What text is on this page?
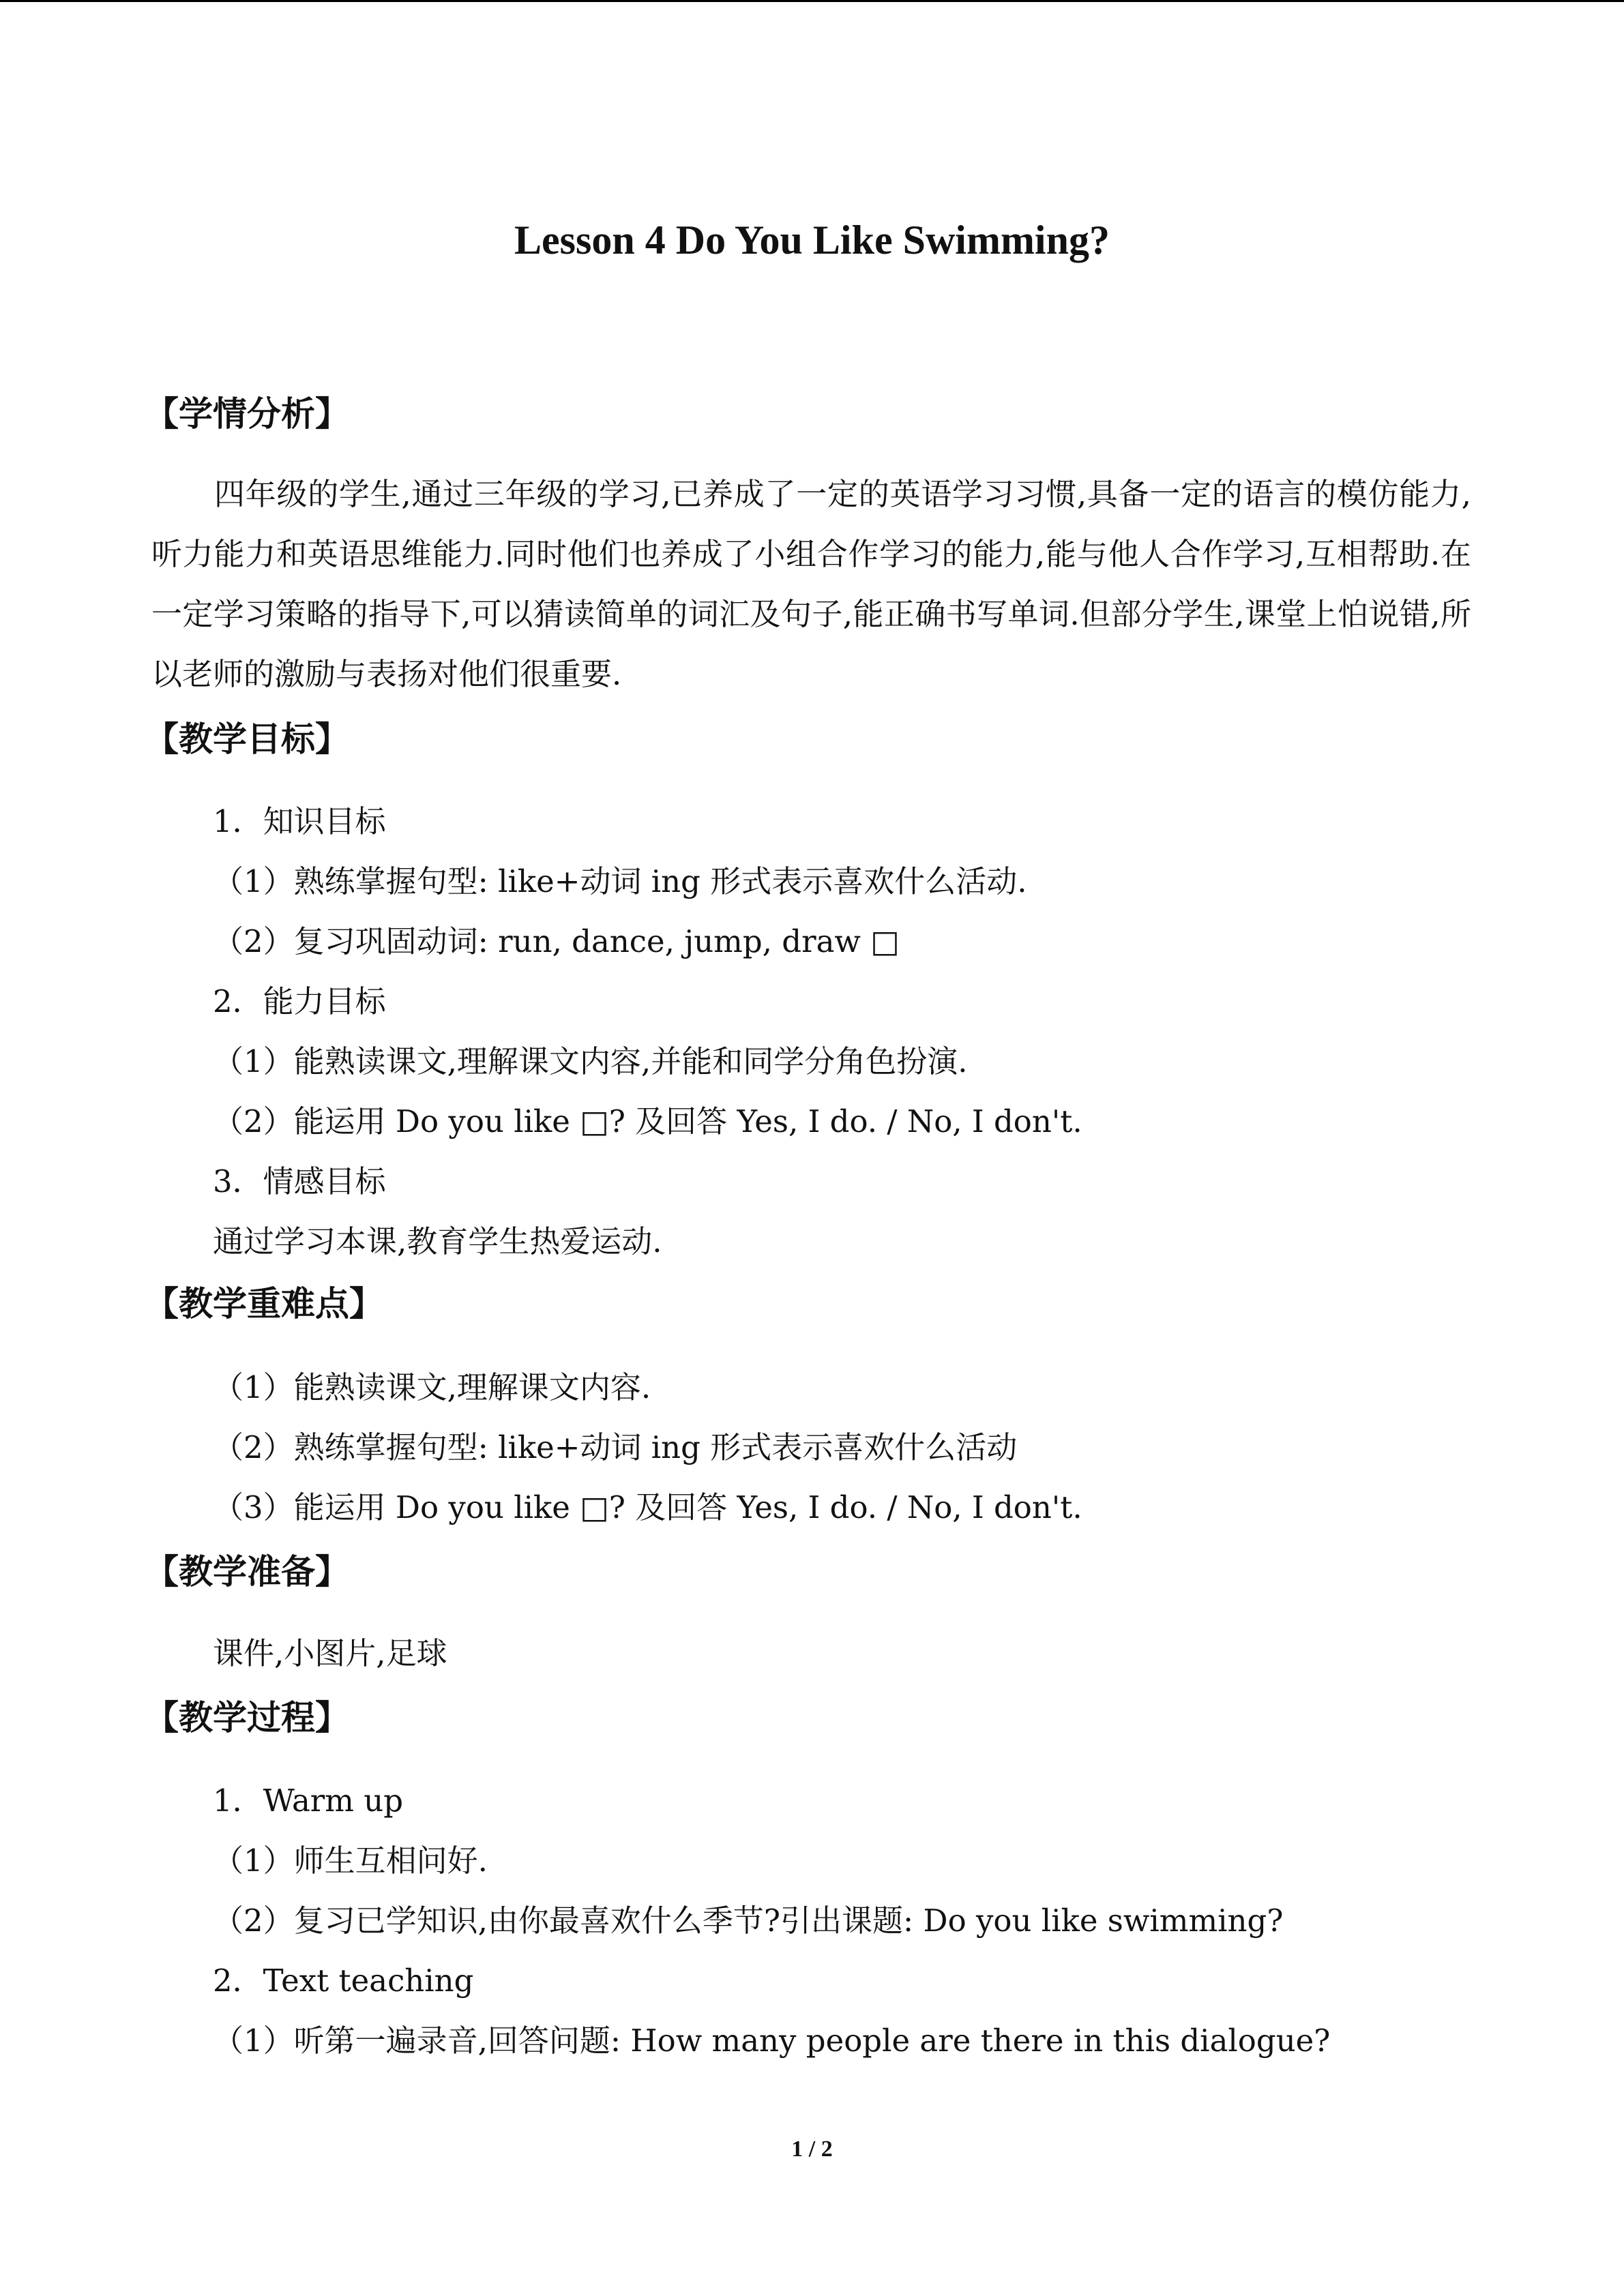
Lesson 4 Do You Like Swimming?
【学情分析】
四年级的学生,通过三年级的学习,已养成了一定的英语学习习惯,具备一定的语言的模仿能力,听力能力和英语思维能力.同时他们也养成了小组合作学习的能力,能与他人合作学习,互相帮助.在一定学习策略的指导下,可以猜读简单的词汇及句子,能正确书写单词.但部分学生,课堂上怕说错,所以老师的激励与表扬对他们很重要.
【教学目标】
1．知识目标
（1）熟练掌握句型: like+动词 ing 形式表示喜欢什么活动.
（2）复习巩固动词: run, dance, jump, draw □
2．能力目标
（1）能熟读课文,理解课文内容,并能和同学分角色扮演.
（2）能运用 Do you like □? 及回答 Yes, I do. / No, I don't.
3．情感目标
通过学习本课,教育学生热爱运动.
【教学重难点】
（1）能熟读课文,理解课文内容.
（2）熟练掌握句型: like+动词 ing 形式表示喜欢什么活动
（3）能运用 Do you like □? 及回答 Yes, I do. / No, I don't.
【教学准备】
课件,小图片,足球
【教学过程】
1．Warm up
（1）师生互相问好.
（2）复习已学知识,由你最喜欢什么季节?引出课题: Do you like swimming?
2．Text teaching
（1）听第一遍录音,回答问题: How many people are there in this dialogue?
1 / 2
